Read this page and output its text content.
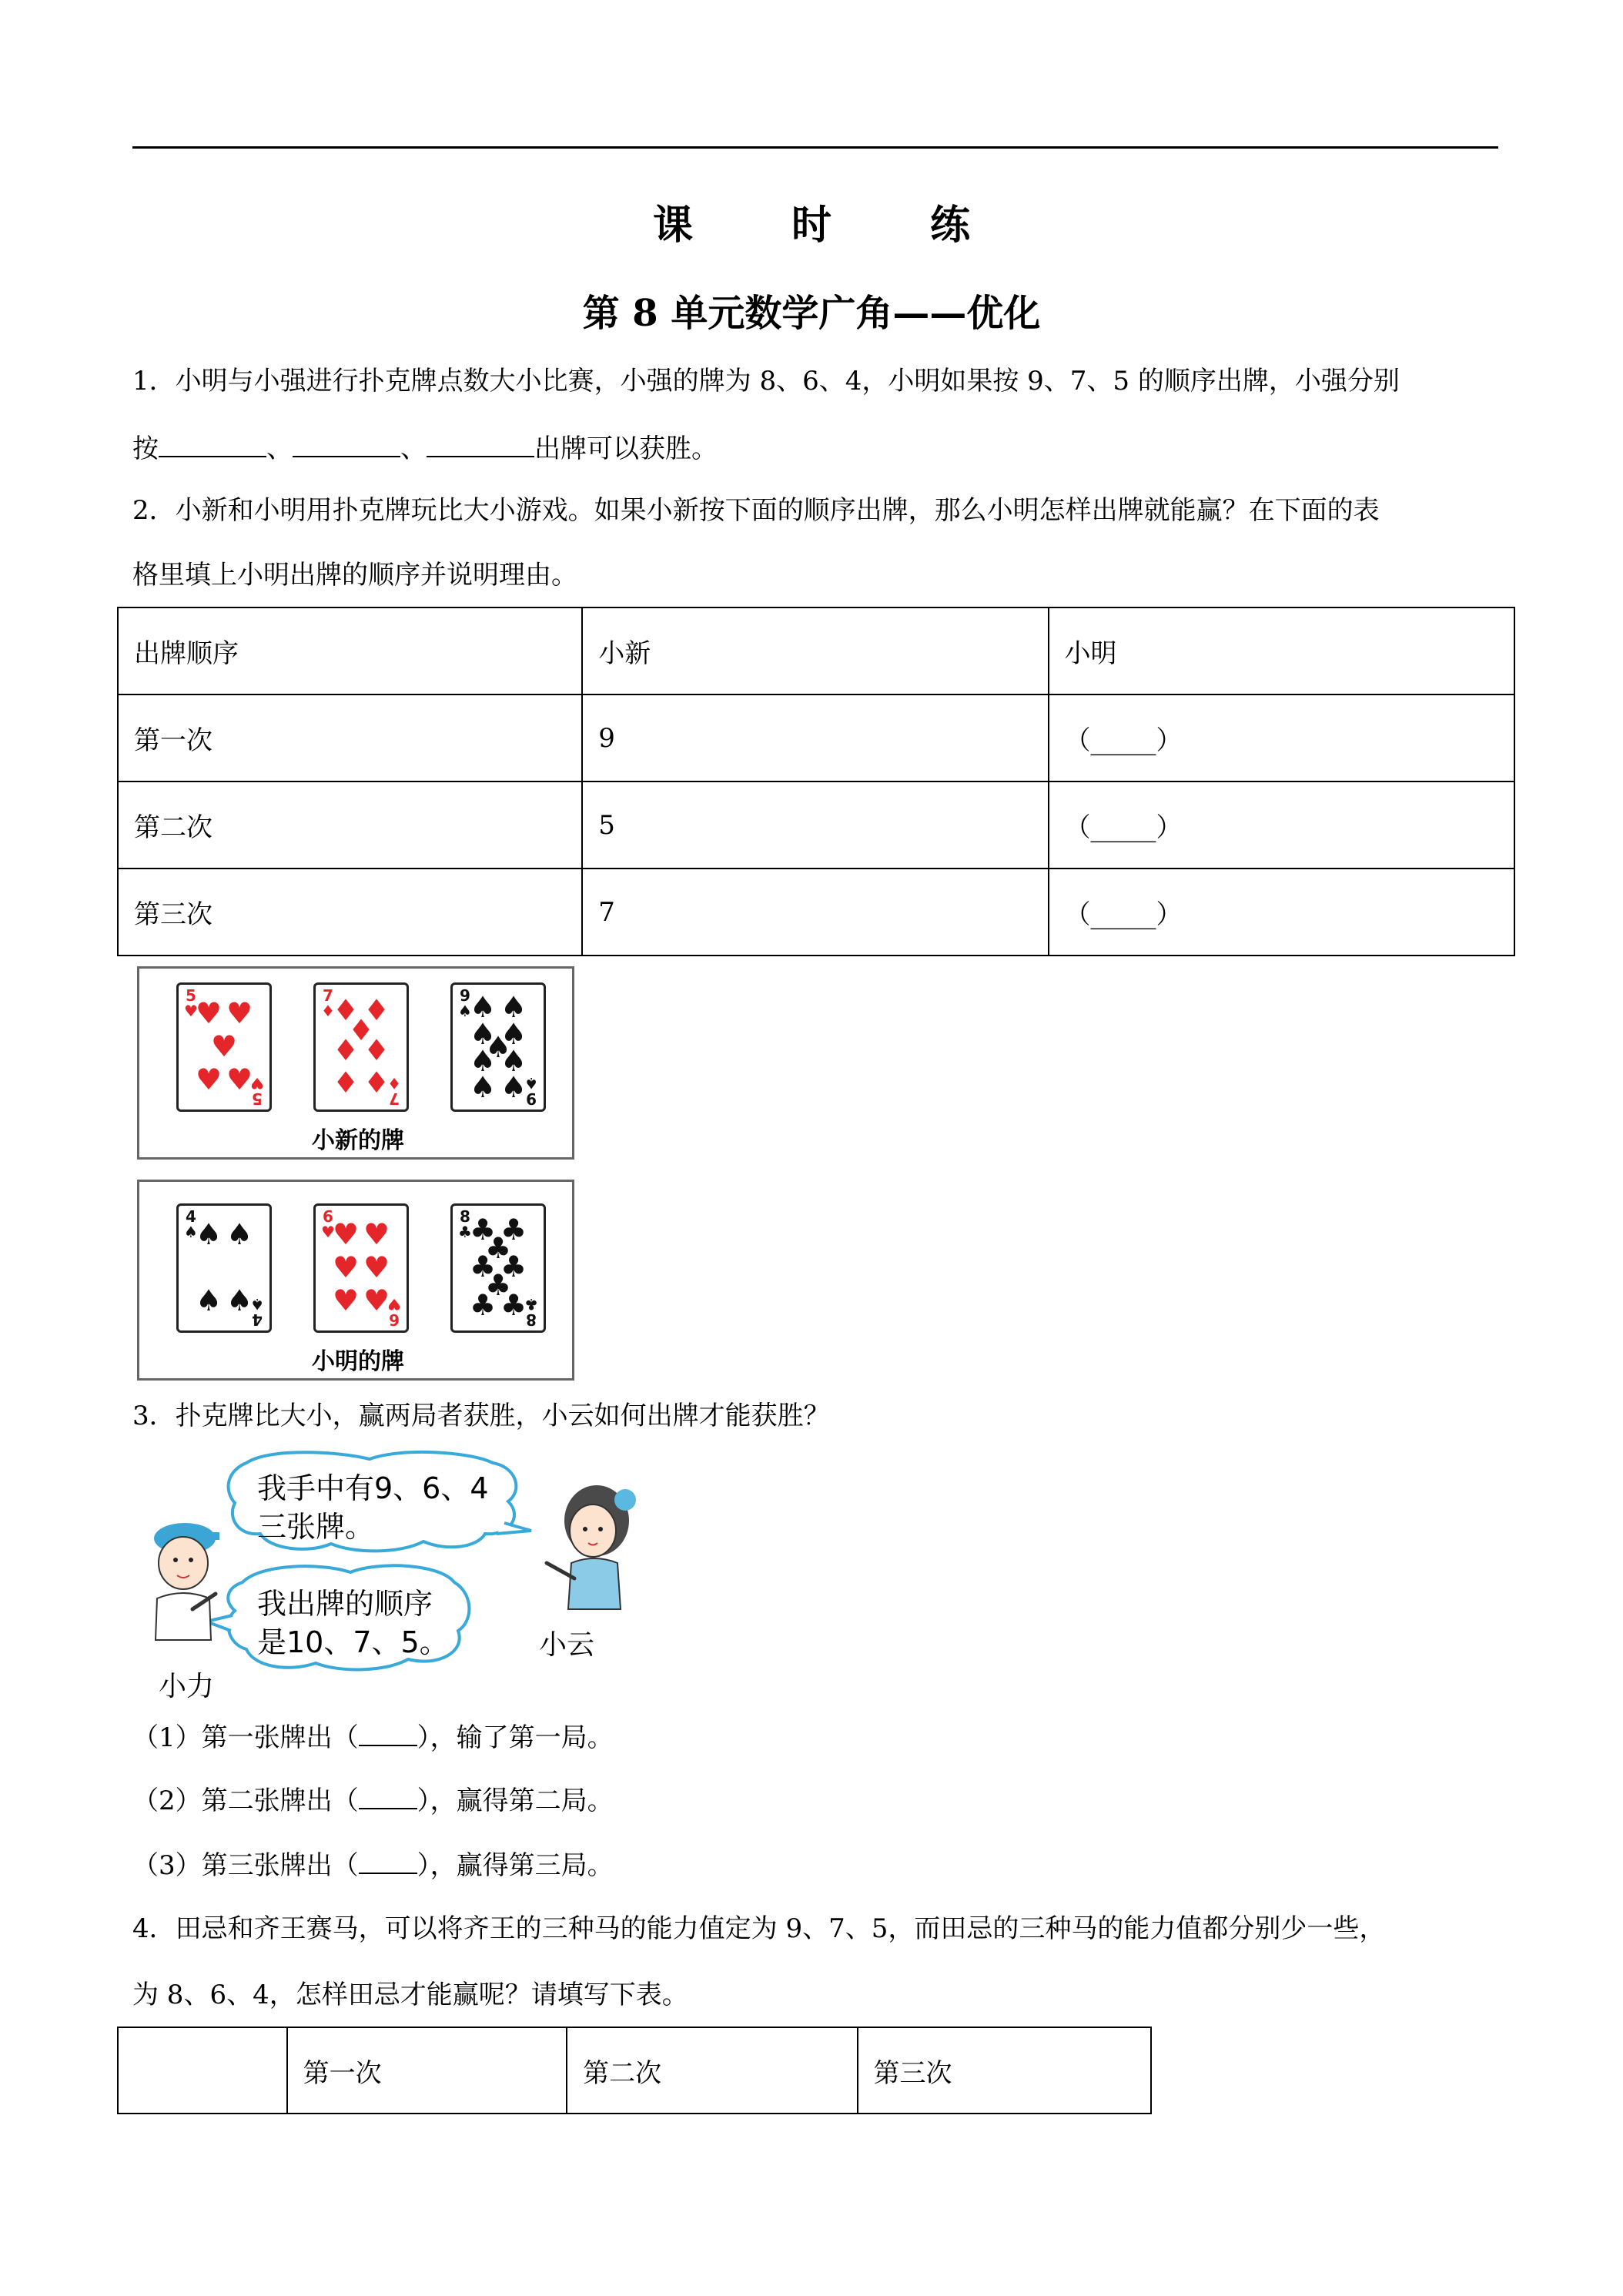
课　时　练
第 8 单元数学广角——优化
1．小明与小强进行扑克牌点数大小比赛，小强的牌为 8、6、4，小明如果按 9、7、5 的顺序出牌，小强分别
按	、	、	出牌可以获胜。
2．小新和小明用扑克牌玩比大小游戏。如果小新按下面的顺序出牌，那么小明怎样出牌就能赢？在下面的表
格里填上小明出牌的顺序并说明理由。
出牌顺序	小新	小明
第一次	9	（_____）
第二次	5	（_____）
第三次	7	（_____）
5
♥
5
♥
♥ ♥
♥
♥ ♥
7
♦
7
♦
♦ ♦
♦
♦ ♦
♦ ♦
9
♠
9
♠
♠ ♠
♠ ♠
♠
♠ ♠
♠ ♠
小新的牌
4
♠
4
♠
♠ ♠
♠ ♠
6
♥
6
♥
♥ ♥
♥ ♥
♥ ♥
8
♣
8
♣
♣ ♣
♣
♣ ♣
♣
♣ ♣
小明的牌
3．扑克牌比大小，赢两局者获胜，小云如何出牌才能获胜？
我手中有9、6、4
三张牌。
我出牌的顺序
是10、7、5。
小力
小云
（1）第一张牌出（ ），输了第一局。
（2）第二张牌出（ ），赢得第二局。
（3）第三张牌出（ ），赢得第三局。
4．田忌和齐王赛马，可以将齐王的三种马的能力值定为 9、7、5，而田忌的三种马的能力值都分别少一些，
为 8、6、4，怎样田忌才能赢呢？请填写下表。
	第一次	第二次	第三次
